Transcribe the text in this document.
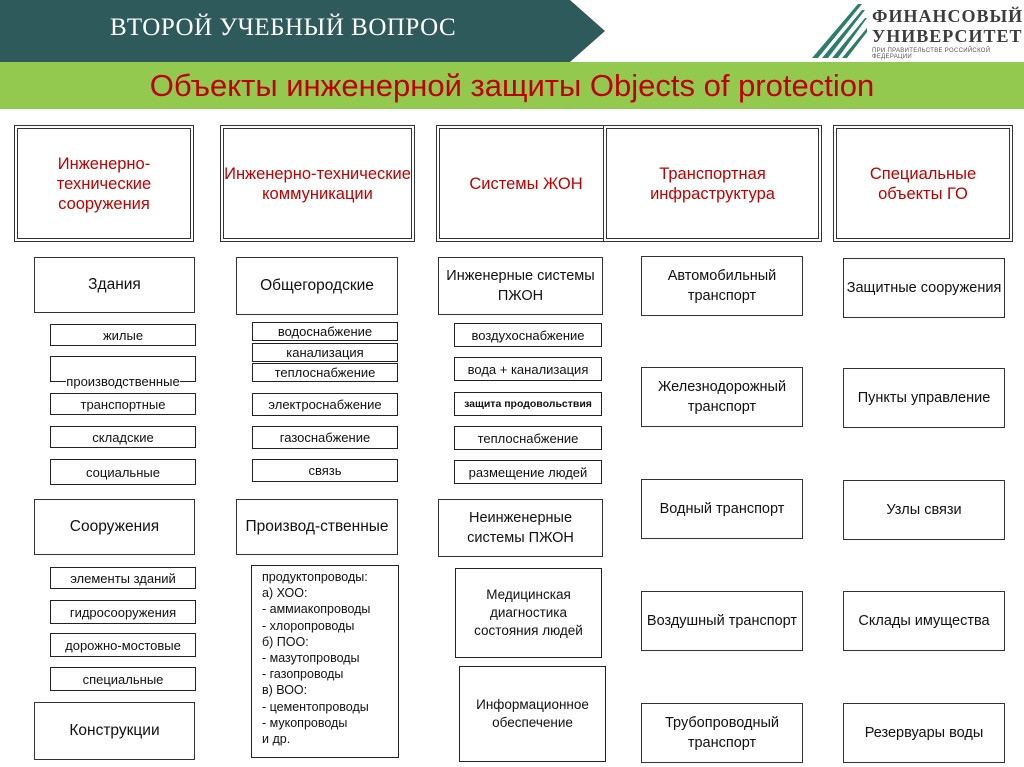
ВТОРОЙ УЧЕБНЫЙ ВОПРОС
Объекты инженерной защиты Objects of protection
ФИНАНСОВЫЙ
УНИВЕРСИТЕТ
ПРИ ПРАВИТЕЛЬСТВЕ РОССИЙСКОЙ ФЕДЕРАЦИИ
Инженерно-технические сооружения
Инженерно-технические коммуникации
Системы ЖОН
Транспортная инфраструктура
Специальные объекты ГО
Здания
жилые
производственные
транспортные
складские
социальные
Сооружения
элементы зданий
гидросооружения
дорожно-мостовые
специальные
Конструкции
Общегородские
водоснабжение
канализация
теплоснабжение
электроснабжение
газоснабжение
связь
Производ-ственные
продуктопроводы:
а) ХОО:
- аммиакопроводы
- хлоропроводы
б) ПОО:
- мазутопроводы
- газопроводы
в) ВОО:
- цементопроводы
- мукопроводы
и др.
Инженерные системы ПЖОН
воздухоснабжение
вода + канализация
защита продовольствия
теплоснабжение
размещение людей
Неинженерные системы ПЖОН
Медицинская диагностика состояния людей
Информационное обеспечение
Автомобильный транспорт
Железнодорожный транспорт
Водный транспорт
Воздушный транспорт
Трубопроводный транспорт
Защитные сооружения
Пункты управление
Узлы связи
Склады имущества
Резервуары воды
